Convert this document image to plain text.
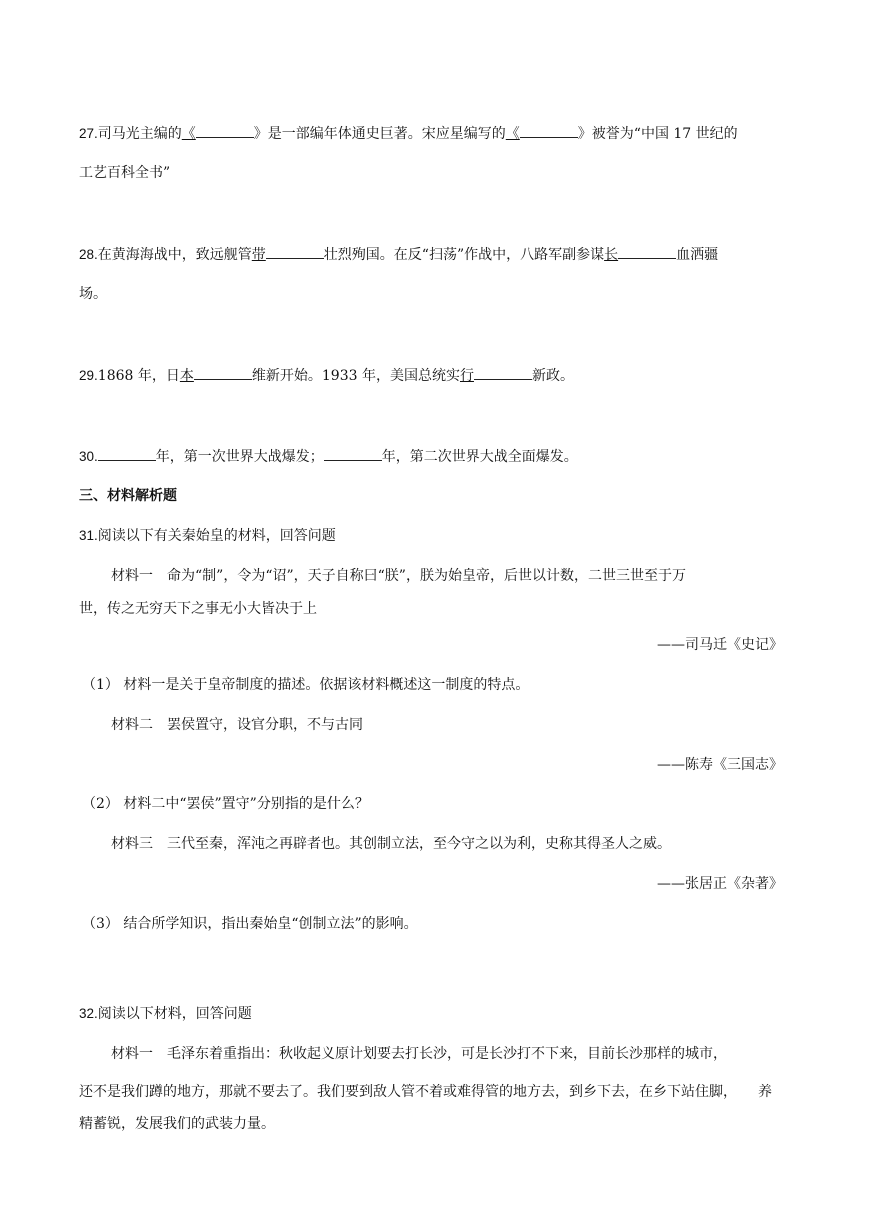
27.司马光主编的《	》是一部编年体通史巨著。宋应星编写的《	》被誉为“中国 17 世纪的
工艺百科全书”
28.在黄海海战中，致远舰管带	壮烈殉国。在反“扫荡”作战中，八路军副参谋长	血洒疆
场。
29.1868 年，日本	维新开始。1933 年，美国总统实行	新政。
30.	年，第一次世界大战爆发；	年，第二次世界大战全面爆发。
三、材料解析题
31.阅读以下有关秦始皇的材料，回答问题
材料一　命为“制”，令为“诏”，天子自称曰“朕”，朕为始皇帝，后世以计数，二世三世至于万
世，传之无穷天下之事无小大皆决于上
——司马迁《史记》
（1） 材料一是关于皇帝制度的描述。依据该材料概述这一制度的特点。
材料二　罢侯置守，设官分职，不与古同
——陈寿《三国志》
（2） 材料二中“罢侯”置守”分别指的是什么？
材料三　三代至秦，浑沌之再辟者也。其创制立法，至今守之以为利，史称其得圣人之威。
——张居正《杂著》
（3） 结合所学知识，指出秦始皇“创制立法”的影响。
32.阅读以下材料，回答问题
材料一　毛泽东着重指出：秋收起义原计划要去打长沙，可是长沙打不下来，目前长沙那样的城市，
还不是我们蹲的地方，那就不要去了。我们要到敌人管不着或难得管的地方去，到乡下去，在乡下站住脚，　　养
精蓄锐，发展我们的武装力量。
